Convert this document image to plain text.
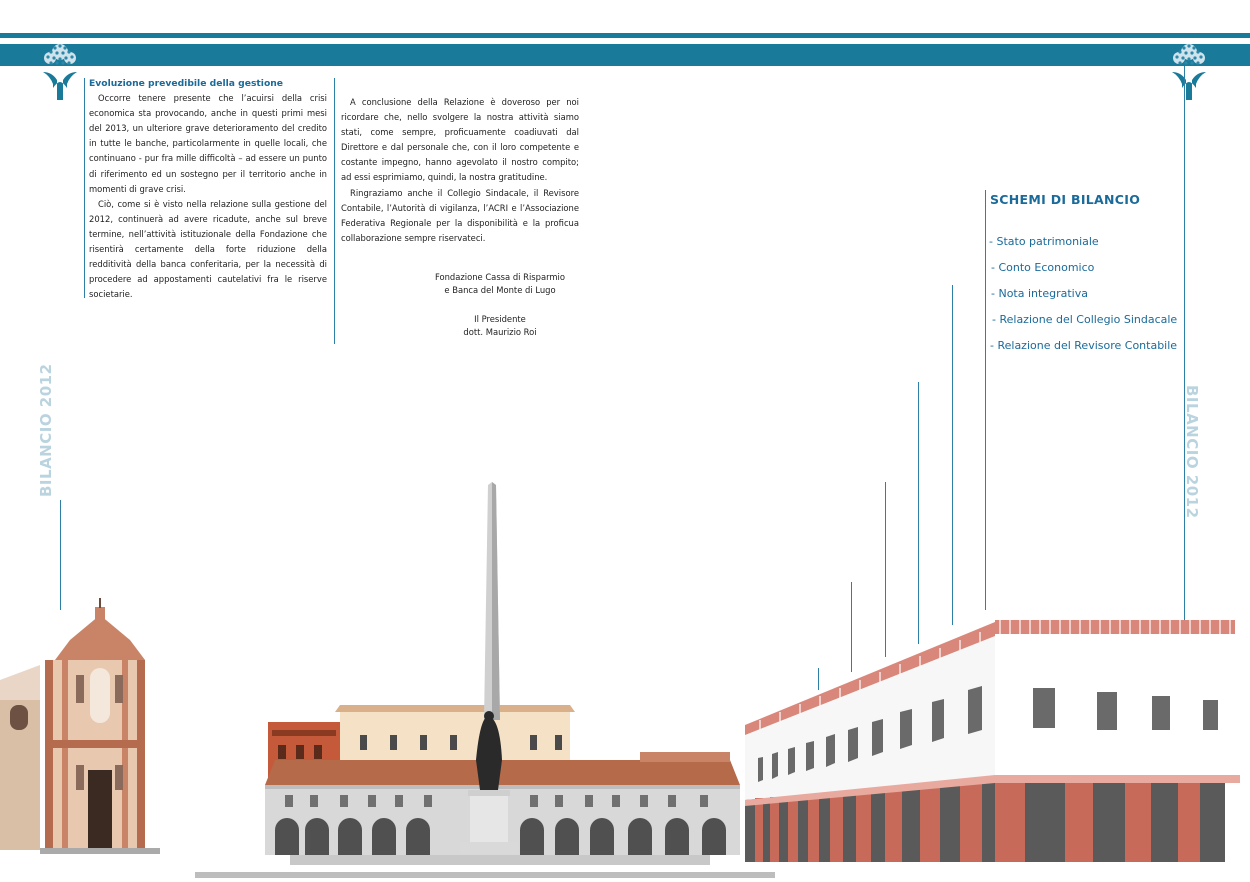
BILANCIO 2012	BILANCIO 2012

Evoluzione prevedibile della gestione

Occorre tenere presente che l’acuirsi della crisi economica sta provocando, anche in questi primi mesi del 2013, un ulteriore grave deterioramento del credito in tutte le banche, particolarmente in quelle locali, che continuano - pur fra mille difficoltà – ad essere un punto di riferimento ed un sostegno per il territorio anche in momenti di grave crisi.

Ciò, come si è visto nella relazione sulla gestione del 2012, continuerà ad avere ricadute, anche sul breve termine, nell’attività istituzionale della Fondazione che risentirà certamente della forte riduzione della redditività della banca conferitaria, per la necessità di procedere ad appostamenti cautelativi fra le riserve societarie.

A conclusione della Relazione è doveroso per noi ricordare che, nello svolgere la nostra attività siamo stati, come sempre, proficuamente coadiuvati dal Direttore e dal personale che, con il loro competente e costante impegno, hanno agevolato il nostro compito; ad essi esprimiamo, quindi, la nostra gratitudine.

Ringraziamo anche il Collegio Sindacale, il Revisore Contabile, l’Autorità di vigilanza, l’ACRI e l’Associazione Federativa Regionale per la disponibilità e la proficua collaborazione sempre riservateci.

Fondazione Cassa di Risparmio
e Banca del Monte di Lugo
Il Presidente
dott. Maurizio Roi
SCHEMI DI BILANCIO
- Stato patrimoniale
- Conto Economico
- Nota integrativa
- Relazione del Collegio Sindacale
- Relazione del Revisore Contabile
